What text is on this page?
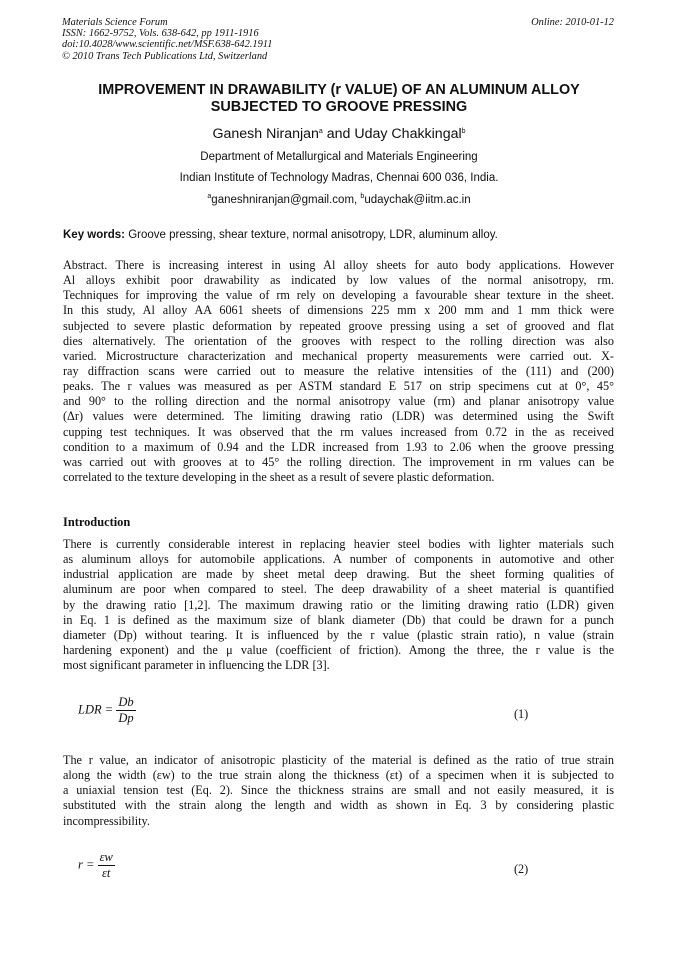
Materials Science Forum
ISSN: 1662-9752, Vols. 638-642, pp 1911-1916
doi:10.4028/www.scientific.net/MSF.638-642.1911
© 2010 Trans Tech Publications Ltd, Switzerland
Online: 2010-01-12
IMPROVEMENT IN DRAWABILITY (r VALUE) OF AN ALUMINUM ALLOY
SUBJECTED TO GROOVE PRESSING
Ganesh Niranjan$^a$ and Uday Chakkingal$^b$
Department of Metallurgical and Materials Engineering
Indian Institute of Technology Madras, Chennai 600 036, India.
$^a$ganeshniranjan@gmail.com, $^b$udaychak@iitm.ac.in
Key words: Groove pressing, shear texture, normal anisotropy, LDR, aluminum alloy.
Abstract. There is increasing interest in using Al alloy sheets for auto body applications. However
Al alloys exhibit poor drawability as indicated by low values of the normal anisotropy, rm.
Techniques for improving the value of rm rely on developing a favourable shear texture in the sheet.
In this study, Al alloy AA 6061 sheets of dimensions 225 mm x 200 mm and 1 mm thick were
subjected to severe plastic deformation by repeated groove pressing using a set of grooved and flat
dies alternatively. The orientation of the grooves with respect to the rolling direction was also
varied. Microstructure characterization and mechanical property measurements were carried out. X-
ray diffraction scans were carried out to measure the relative intensities of the (111) and (200)
peaks. The r values was measured as per ASTM standard E 517 on strip specimens cut at 0°, 45°
and 90° to the rolling direction and the normal anisotropy value (rm) and planar anisotropy value
(Δr) values were determined. The limiting drawing ratio (LDR) was determined using the Swift
cupping test techniques. It was observed that the rm values increased from 0.72 in the as received
condition to a maximum of 0.94 and the LDR increased from 1.93 to 2.06 when the groove pressing
was carried out with grooves at to 45° the rolling direction. The improvement in rm values can be
correlated to the texture developing in the sheet as a result of severe plastic deformation.
Introduction
There is currently considerable interest in replacing heavier steel bodies with lighter materials such
as aluminum alloys for automobile applications. A number of components in automotive and other
industrial application are made by sheet metal deep drawing. But the sheet forming qualities of
aluminum are poor when compared to steel. The deep drawability of a sheet material is quantified
by the drawing ratio [1,2]. The maximum drawing ratio or the limiting drawing ratio (LDR) given
in Eq. 1 is defined as the maximum size of blank diameter (Db) that could be drawn for a punch
diameter (Dp) without tearing. It is influenced by the r value (plastic strain ratio), n value (strain
hardening exponent) and the μ value (coefficient of friction). Among the three, the r value is the
most significant parameter in influencing the LDR [3].
LDR = $\frac{Db}{Dp}$	(1)
The r value, an indicator of anisotropic plasticity of the material is defined as the ratio of true strain
along the width (εw) to the true strain along the thickness (εt) of a specimen when it is subjected to
a uniaxial tension test (Eq. 2). Since the thickness strains are small and not easily measured, it is
substituted with the strain along the length and width as shown in Eq. 3 by considering plastic
incompressibility.
$r = \frac{\varepsilon w}{\varepsilon t}$	(2)
